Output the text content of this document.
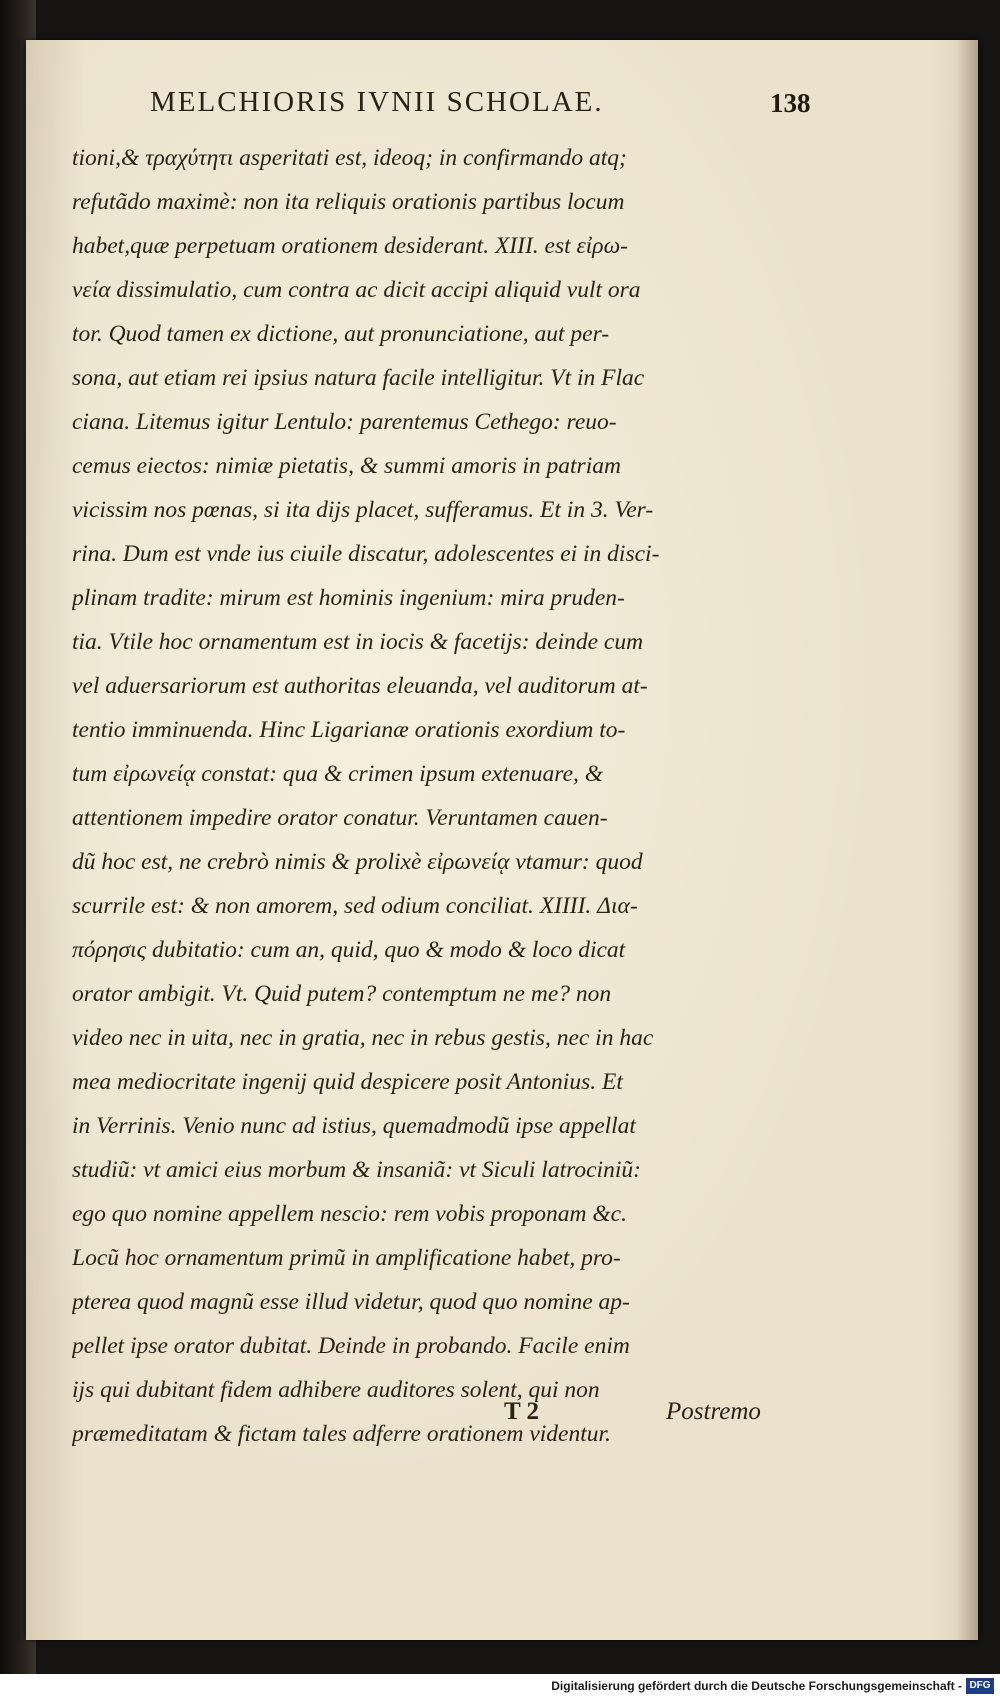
MELCHIORIS IVNII SCHOLAE.	138
tioni,& τραχύτητι asperitati est, ideoq; in confirmando atq;
refutãdo maximè: non ita reliquis orationis partibus locum
habet,quæ perpetuam orationem desiderant. XIII. est εἰρω-
νεία dissimulatio, cum contra ac dicit accipi aliquid vult ora
tor. Quod tamen ex dictione, aut pronunciatione, aut per-
sona, aut etiam rei ipsius natura facile intelligitur. Vt in Flac
ciana. Litemus igitur Lentulo: parentemus Cethego: reuo-
cemus eiectos: nimiæ pietatis, & summi amoris in patriam
vicissim nos pœnas, si ita dijs placet, sufferamus. Et in 3. Ver-
rina. Dum est vnde ius ciuile discatur, adolescentes ei in disci-
plinam tradite: mirum est hominis ingenium: mira pruden-
tia. Vtile hoc ornamentum est in iocis & facetijs: deinde cum
vel aduersariorum est authoritas eleuanda, vel auditorum at-
tentio imminuenda. Hinc Ligarianæ orationis exordium to-
tum εἰρωνείᾳ constat: qua & crimen ipsum extenuare, &
attentionem impedire orator conatur. Veruntamen cauen-
dũ hoc est, ne crebrò nimis & prolixè εἰρωνείᾳ vtamur: quod
scurrile est: & non amorem, sed odium conciliat. XIIII. Δια-
πόρησις dubitatio: cum an, quid, quo & modo & loco dicat
orator ambigit. Vt. Quid putem? contemptum ne me? non
video nec in uita, nec in gratia, nec in rebus gestis, nec in hac
mea mediocritate ingenij quid despicere posit Antonius. Et
in Verrinis. Venio nunc ad istius, quemadmodũ ipse appellat
studiũ: vt amici eius morbum & insaniã: vt Siculi latrociniũ:
ego quo nomine appellem nescio: rem vobis proponam &c.
Locũ hoc ornamentum primũ in amplificatione habet, pro-
pterea quod magnũ esse illud videtur, quod quo nomine ap-
pellet ipse orator dubitat. Deinde in probando. Facile enim
ijs qui dubitant fidem adhibere auditores solent, qui non
præmeditatam & fictam tales adferre orationem videntur.
T 2	Postremo
Digitalisierung gefördert durch die Deutsche Forschungsgemeinschaft - DFG
